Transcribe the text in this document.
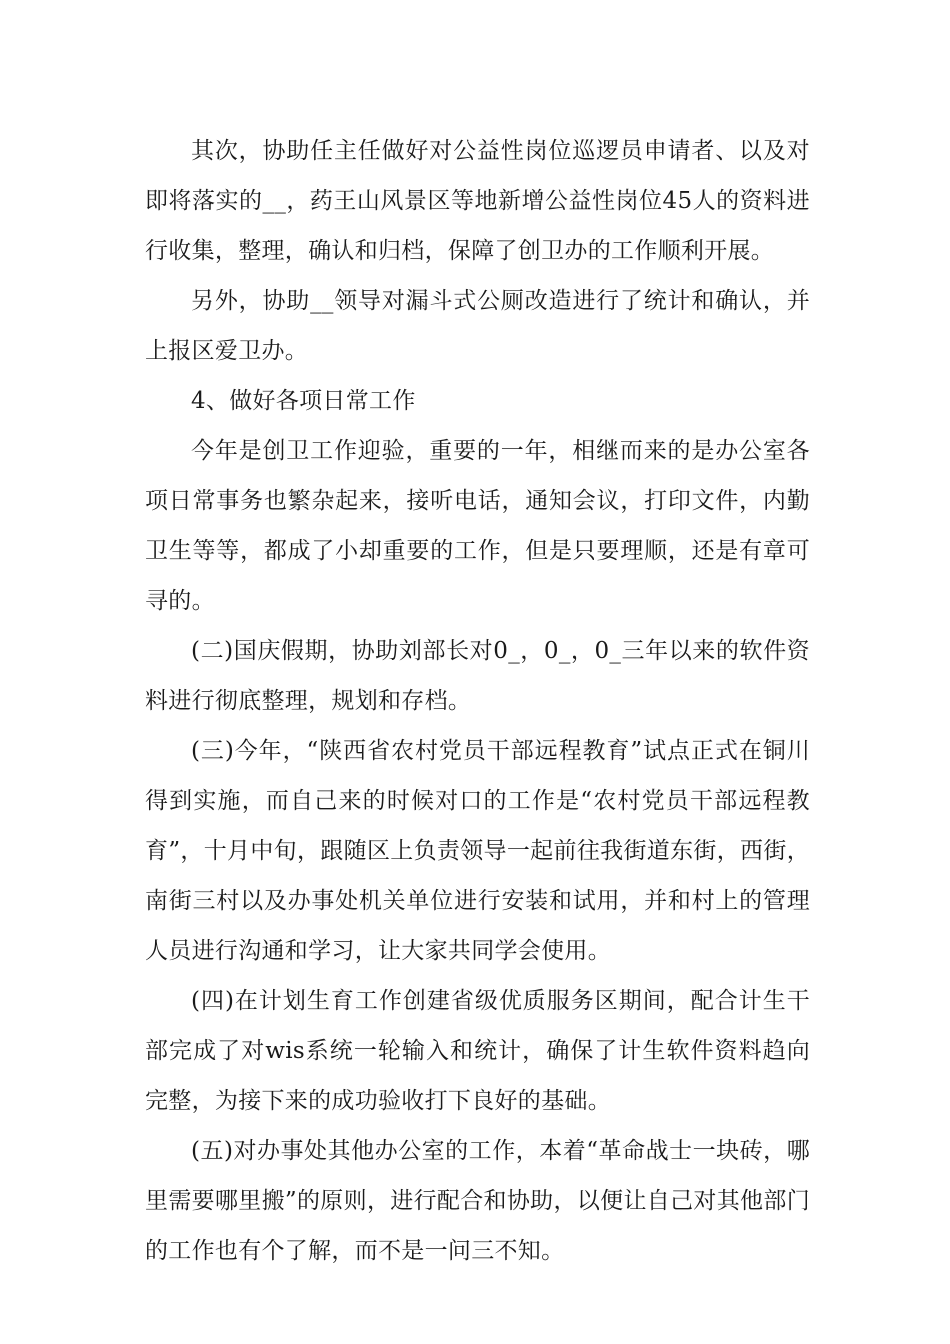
其次，协助任主任做好对公益性岗位巡逻员申请者、以及对即将落实的__，药王山风景区等地新增公益性岗位45人的资料进行收集，整理，确认和归档，保障了创卫办的工作顺利开展。

另外，协助__领导对漏斗式公厕改造进行了统计和确认，并上报区爱卫办。

4、做好各项日常工作

今年是创卫工作迎验，重要的一年，相继而来的是办公室各项日常事务也繁杂起来，接听电话，通知会议，打印文件，内勤卫生等等，都成了小却重要的工作，但是只要理顺，还是有章可寻的。

(二)国庆假期，协助刘部长对0_，0_，0_三年以来的软件资料进行彻底整理，规划和存档。

(三)今年，“陕西省农村党员干部远程教育”试点正式在铜川得到实施，而自己来的时候对口的工作是“农村党员干部远程教育”，十月中旬，跟随区上负责领导一起前往我街道东街，西街，南街三村以及办事处机关单位进行安装和试用，并和村上的管理人员进行沟通和学习，让大家共同学会使用。

(四)在计划生育工作创建省级优质服务区期间，配合计生干部完成了对wis系统一轮输入和统计，确保了计生软件资料趋向完整，为接下来的成功验收打下良好的基础。

(五)对办事处其他办公室的工作，本着“革命战士一块砖，哪里需要哪里搬”的原则，进行配合和协助，以便让自己对其他部门的工作也有个了解，而不是一问三不知。
